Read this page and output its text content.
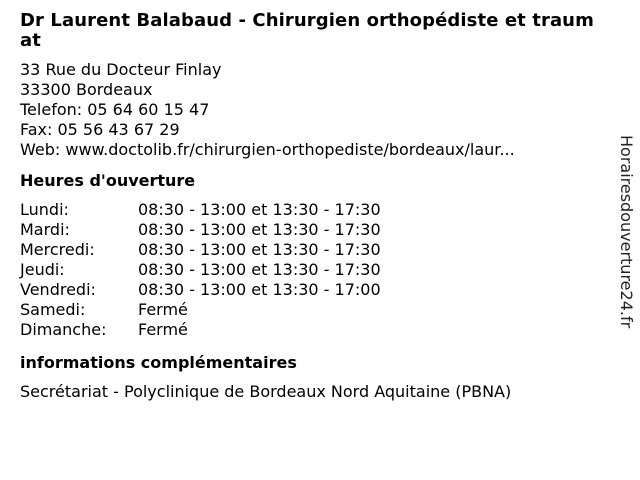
Dr Laurent Balabaud - Chirurgien orthopédiste et traumat
33 Rue du Docteur Finlay
33300 Bordeaux
Telefon: 05 64 60 15 47
Fax: 05 56 43 67 29
Web: www.doctolib.fr/chirurgien-orthopediste/bordeaux/laur...
Heures d'ouverture
Lundi:	08:30 - 13:00 et 13:30 - 17:30
Mardi:	08:30 - 13:00 et 13:30 - 17:30
Mercredi:	08:30 - 13:00 et 13:30 - 17:30
Jeudi:	08:30 - 13:00 et 13:30 - 17:30
Vendredi:	08:30 - 13:00 et 13:30 - 17:00
Samedi:	Fermé
Dimanche:	Fermé
informations complémentaires
Secrétariat - Polyclinique de Bordeaux Nord Aquitaine (PBNA)
Horairesdouverture24.fr
